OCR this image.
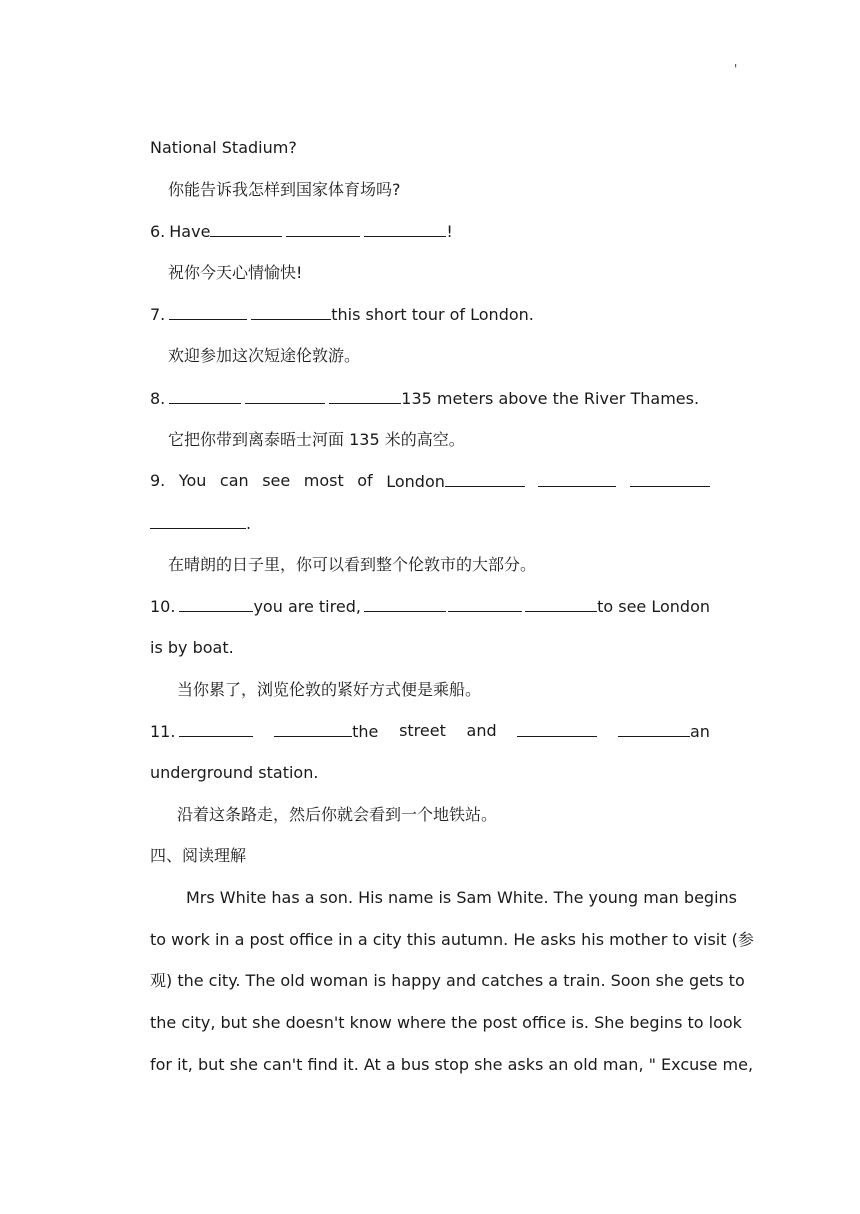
'
National Stadium?
你能告诉我怎样到国家体育场吗?
6. Have	!
祝你今天心情愉快!
7.	this short tour of London.
欢迎参加这次短途伦敦游。
8.	135 meters above the River Thames.
它把你带到离泰晤士河面 135 米的高空。
9. You can see most of London
.
在晴朗的日子里，你可以看到整个伦敦市的大部分。
10.	you are tired,	to see London
is by boat.
当你累了，浏览伦敦的紧好方式便是乘船。
11.	the street and	an
underground station.
沿着这条路走，然后你就会看到一个地铁站。
四、阅读理解
Mrs White has a son. His name is Sam White. The young man begins
to work in a post office in a city this autumn. He asks his mother to visit (参
观) the city. The old woman is happy and catches a train. Soon she gets to
the city, but she doesn't know where the post office is. She begins to look
for it, but she can't find it. At a bus stop she asks an old man, " Excuse me,
